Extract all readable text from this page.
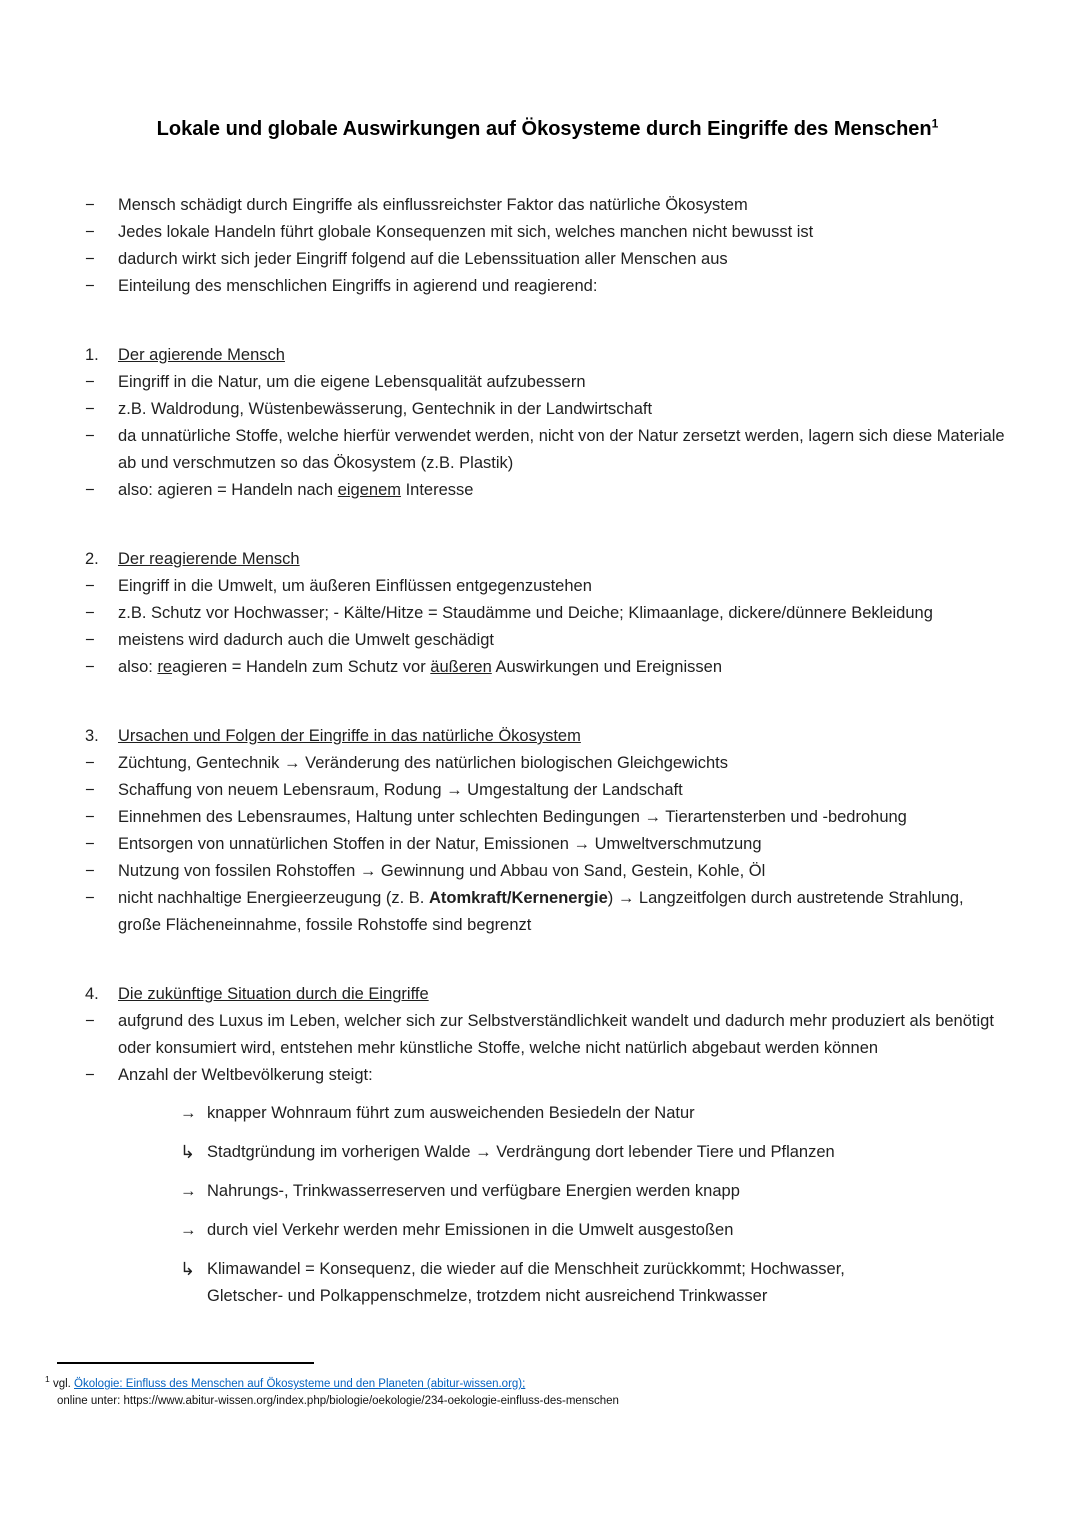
Lokale und globale Auswirkungen auf Ökosysteme durch Eingriffe des Menschen$^1$
−	Mensch schädigt durch Eingriffe als einflussreichster Faktor das natürliche Ökosystem
−	Jedes lokale Handeln führt globale Konsequenzen mit sich, welches manchen nicht bewusst ist
−	dadurch wirkt sich jeder Eingriff folgend auf die Lebenssituation aller Menschen aus
−	Einteilung des menschlichen Eingriffs in agierend und reagierend:
1.	Der agierende Mensch
−	Eingriff in die Natur, um die eigene Lebensqualität aufzubessern
−	z.B. Waldrodung, Wüstenbewässerung, Gentechnik in der Landwirtschaft
−	da unnatürliche Stoffe, welche hierfür verwendet werden, nicht von der Natur zersetzt werden, lagern sich diese Materiale ab und verschmutzen so das Ökosystem (z.B. Plastik)
−	also: agieren = Handeln nach eigenem Interesse
2.	Der reagierende Mensch
−	Eingriff in die Umwelt, um äußeren Einflüssen entgegenzustehen
−	z.B. Schutz vor Hochwasser; - Kälte/Hitze = Staudämme und Deiche; Klimaanlage, dickere/dünnere Bekleidung
−	meistens wird dadurch auch die Umwelt geschädigt
−	also: reagieren = Handeln zum Schutz vor äußeren Auswirkungen und Ereignissen
3.	Ursachen und Folgen der Eingriffe in das natürliche Ökosystem
−	Züchtung, Gentechnik → Veränderung des natürlichen biologischen Gleichgewichts
−	Schaffung von neuem Lebensraum, Rodung → Umgestaltung der Landschaft
−	Einnehmen des Lebensraumes, Haltung unter schlechten Bedingungen → Tierartensterben und -bedrohung
−	Entsorgen von unnatürlichen Stoffen in der Natur, Emissionen → Umweltverschmutzung
−	Nutzung von fossilen Rohstoffen → Gewinnung und Abbau von Sand, Gestein, Kohle, Öl
−	nicht nachhaltige Energieerzeugung (z. B. Atomkraft/Kernenergie) → Langzeitfolgen durch austretende Strahlung, große Flächeneinnahme, fossile Rohstoffe sind begrenzt
4.	Die zukünftige Situation durch die Eingriffe
−	aufgrund des Luxus im Leben, welcher sich zur Selbstverständlichkeit wandelt und dadurch mehr produziert als benötigt oder konsumiert wird, entstehen mehr künstliche Stoffe, welche nicht natürlich abgebaut werden können
−	Anzahl der Weltbevölkerung steigt:
→ knapper Wohnraum führt zum ausweichenden Besiedeln der Natur
↳ Stadtgründung im vorherigen Walde → Verdrängung dort lebender Tiere und Pflanzen
→ Nahrungs-, Trinkwasserreserven und verfügbare Energien werden knapp
→ durch viel Verkehr werden mehr Emissionen in die Umwelt ausgestoßen
↳ Klimawandel = Konsequenz, die wieder auf die Menschheit zurückkommt; Hochwasser, Gletscher- und Polkappenschmelze, trotzdem nicht ausreichend Trinkwasser
$^1$ vgl. Ökologie: Einfluss des Menschen auf Ökosysteme und den Planeten (abitur-wissen.org);
online unter: https://www.abitur-wissen.org/index.php/biologie/oekologie/234-oekologie-einfluss-des-menschen
